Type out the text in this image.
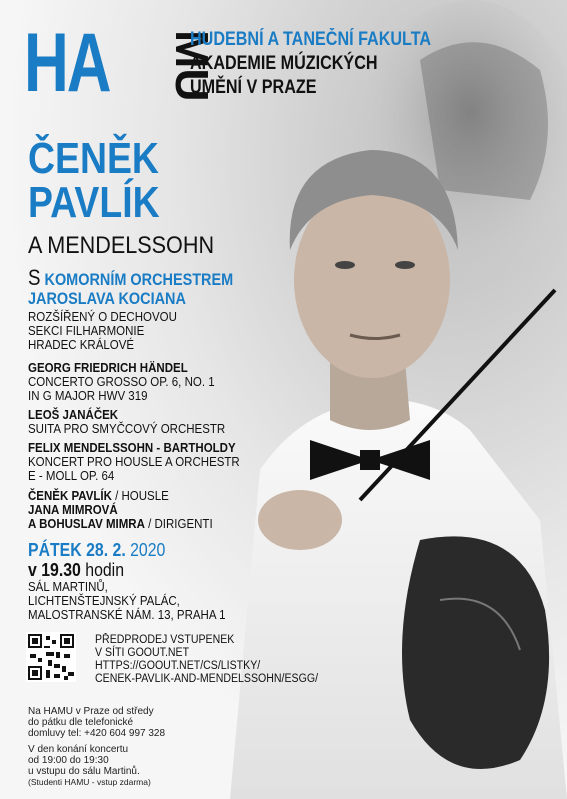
HA MU
HUDEBNÍ A TANEČNÍ FAKULTA
AKADEMIE MÚZICKÝCH
UMĚNÍ V PRAZE
ČENĚK
PAVLÍK
A MENDELSSOHN
S KOMORNÍM ORCHESTREM
JAROSLAVA KOCIANA
ROZŠÍŘENÝ O DECHOVOU
SEKCI FILHARMONIE
HRADEC KRÁLOVÉ
GEORG FRIEDRICH HÄNDEL
CONCERTO GROSSO OP. 6, NO. 1
IN G MAJOR HWV 319
LEOŠ JANÁČEK
SUITA PRO SMYČCOVÝ ORCHESTR
FELIX MENDELSSOHN - BARTHOLDY
KONCERT PRO HOUSLE A ORCHESTR
E - MOLL OP. 64
ČENĚK PAVLÍK / HOUSLE
JANA MIMROVÁ
A BOHUSLAV MIMRA / DIRIGENTI
PÁTEK 28. 2. 2020
v 19.30 hodin
SÁL MARTINŮ,
LICHTENŠTEJNSKÝ PALÁC,
MALOSTRANSKÉ NÁM. 13, PRAHA 1
PŘEDPRODEJ VSTUPENEK
V SÍTI GOOUT.NET
HTTPS://GOOUT.NET/CS/LISTKY/
CENEK-PAVLIK-AND-MENDELSSOHN/ESGG/
Na HAMU v Praze od středy
do pátku dle telefonické
domluvy tel: +420 604 997 328
V den konání koncertu
od 19:00 do 19:30
u vstupu do sálu Martinů.
(Studenti HAMU - vstup zdarma)
